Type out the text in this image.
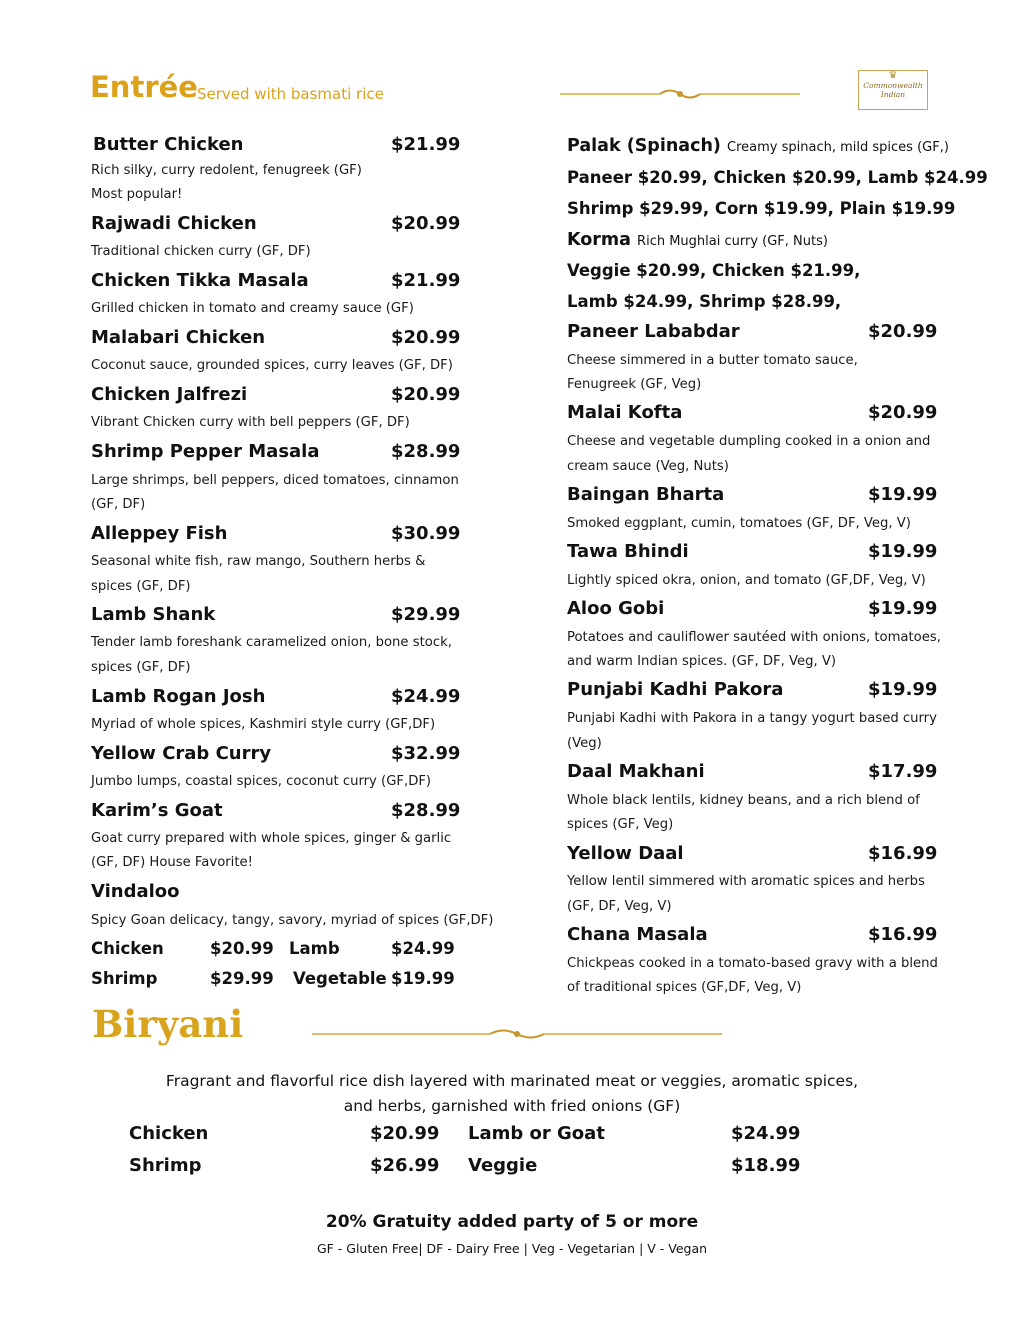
Entrée Served with basmati rice
♛
Commonwealth
Indian
Butter Chicken	$21.99
Rich silky, curry redolent, fenugreek (GF)
Most popular!
Rajwadi Chicken	$20.99
Traditional chicken curry (GF, DF)
Chicken Tikka Masala	$21.99
Grilled chicken in tomato and creamy sauce (GF)
Malabari Chicken	$20.99
Coconut sauce, grounded spices, curry leaves (GF, DF)
Chicken Jalfrezi	$20.99
Vibrant Chicken curry with bell peppers (GF, DF)
Shrimp Pepper Masala	$28.99
Large shrimps, bell peppers, diced tomatoes, cinnamon
(GF, DF)
Alleppey Fish	$30.99
Seasonal white fish, raw mango, Southern herbs &
spices (GF, DF)
Lamb Shank	$29.99
Tender lamb foreshank caramelized onion, bone stock,
spices (GF, DF)
Lamb Rogan Josh	$24.99
Myriad of whole spices, Kashmiri style curry (GF,DF)
Yellow Crab Curry	$32.99
Jumbo lumps, coastal spices, coconut curry (GF,DF)
Karim’s Goat	$28.99
Goat curry prepared with whole spices, ginger & garlic
(GF, DF) House Favorite!
Vindaloo
Spicy Goan delicacy, tangy, savory, myriad of spices (GF,DF)
Chicken	$20.99 Lamb	$24.99
Shrimp	$29.99 Vegetable $19.99
Palak (Spinach) Creamy spinach, mild spices (GF,)
Paneer $20.99, Chicken $20.99, Lamb $24.99
Shrimp $29.99, Corn $19.99, Plain $19.99
Korma Rich Mughlai curry (GF, Nuts)
Veggie $20.99, Chicken $21.99,
Lamb $24.99, Shrimp $28.99,
Paneer Lababdar	$20.99
Cheese simmered in a butter tomato sauce,
Fenugreek (GF, Veg)
Malai Kofta	$20.99
Cheese and vegetable dumpling cooked in a onion and
cream sauce (Veg, Nuts)
Baingan Bharta	$19.99
Smoked eggplant, cumin, tomatoes (GF, DF, Veg, V)
Tawa Bhindi	$19.99
Lightly spiced okra, onion, and tomato (GF,DF, Veg, V)
Aloo Gobi	$19.99
Potatoes and cauliflower sautéed with onions, tomatoes,
and warm Indian spices. (GF, DF, Veg, V)
Punjabi Kadhi Pakora	$19.99
Punjabi Kadhi with Pakora in a tangy yogurt based curry
(Veg)
Daal Makhani	$17.99
Whole black lentils, kidney beans, and a rich blend of
spices (GF, Veg)
Yellow Daal	$16.99
Yellow lentil simmered with aromatic spices and herbs
(GF, DF, Veg, V)
Chana Masala	$16.99
Chickpeas cooked in a tomato-based gravy with a blend
of traditional spices (GF,DF, Veg, V)
Biryani
Fragrant and flavorful rice dish layered with marinated meat or veggies, aromatic spices,
and herbs, garnished with fried onions (GF)
Chicken	$20.99 Lamb or Goat	$24.99
Shrimp	$26.99 Veggie	$18.99
20% Gratuity added party of 5 or more
GF - Gluten Free| DF - Dairy Free | Veg - Vegetarian | V - Vegan
